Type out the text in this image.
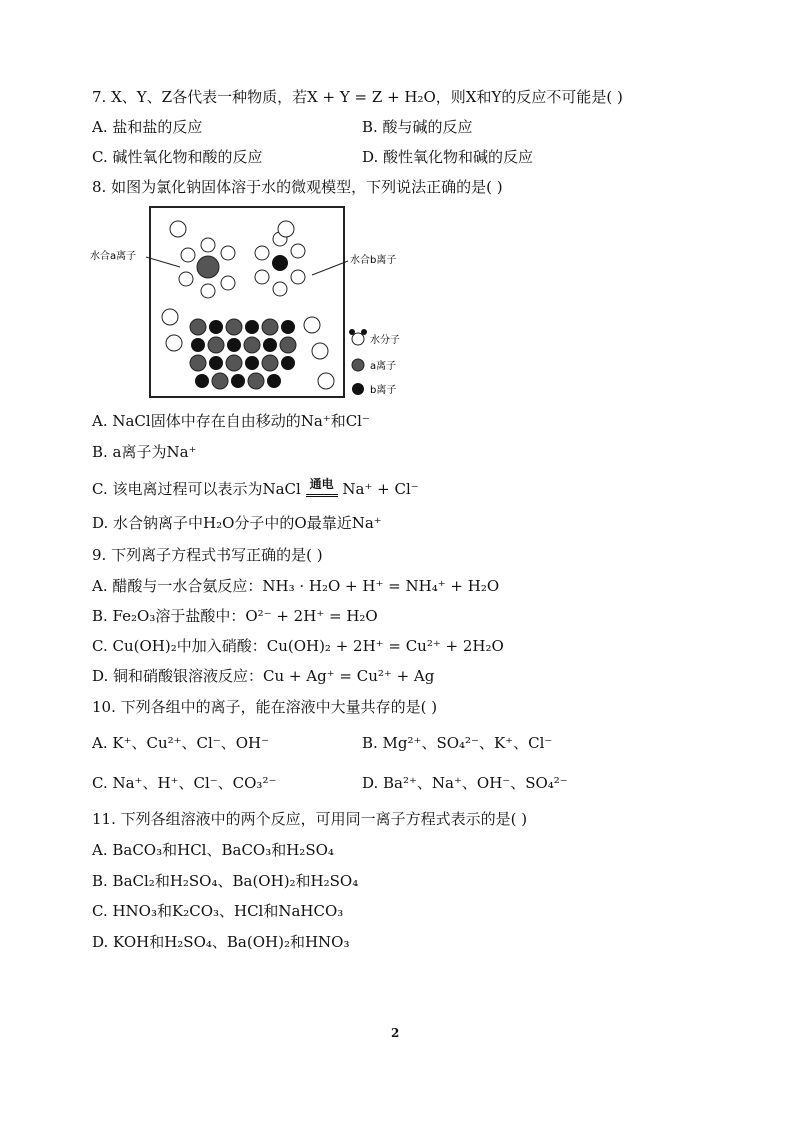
7. X、Y、Z各代表一种物质，若X + Y = Z + H₂O，则X和Y的反应不可能是( )
A. 盐和盐的反应	B. 酸与碱的反应
C. 碱性氧化物和酸的反应	D. 酸性氧化物和碱的反应
8. 如图为氯化钠固体溶于水的微观模型，下列说法正确的是( )
水合a离子	水合b离子
水分子
a离子
b离子
A. NaCl固体中存在自由移动的Na⁺和Cl⁻
B. a离子为Na⁺
C. 该电离过程可以表示为NaCl 通电 Na⁺ + Cl⁻
D. 水合钠离子中H₂O分子中的O最靠近Na⁺
9. 下列离子方程式书写正确的是( )
A. 醋酸与一水合氨反应：NH₃ · H₂O + H⁺ = NH₄⁺ + H₂O
B. Fe₂O₃溶于盐酸中：O²⁻ + 2H⁺ = H₂O
C. Cu(OH)₂中加入硝酸：Cu(OH)₂ + 2H⁺ = Cu²⁺ + 2H₂O
D. 铜和硝酸银溶液反应：Cu + Ag⁺ = Cu²⁺ + Ag
10. 下列各组中的离子，能在溶液中大量共存的是( )
A. K⁺、Cu²⁺、Cl⁻、OH⁻	B. Mg²⁺、SO₄²⁻、K⁺、Cl⁻
C. Na⁺、H⁺、Cl⁻、CO₃²⁻	D. Ba²⁺、Na⁺、OH⁻、SO₄²⁻
11. 下列各组溶液中的两个反应，可用同一离子方程式表示的是( )
A. BaCO₃和HCl、BaCO₃和H₂SO₄
B. BaCl₂和H₂SO₄、Ba(OH)₂和H₂SO₄
C. HNO₃和K₂CO₃、HCl和NaHCO₃
D. KOH和H₂SO₄、Ba(OH)₂和HNO₃
2
